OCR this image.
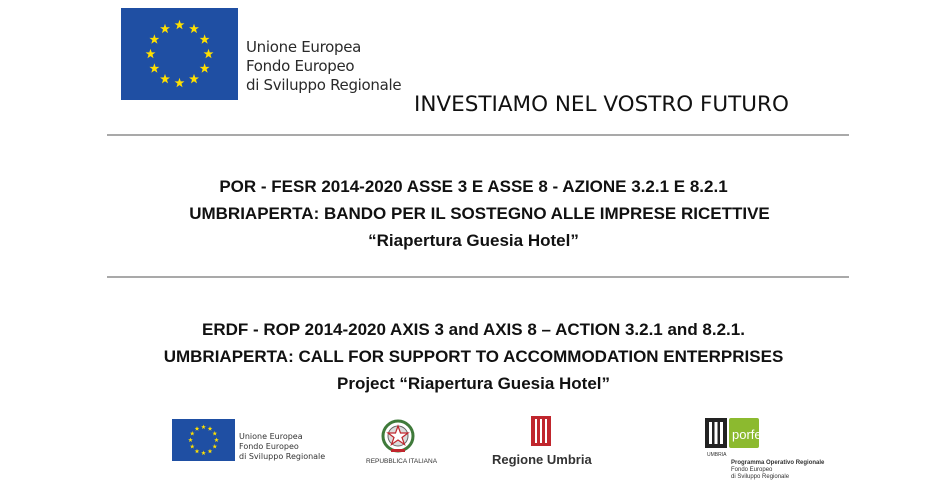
Unione Europea
Fondo Europeo
di Sviluppo Regionale
INVESTIAMO NEL VOSTRO FUTURO
POR - FESR 2014-2020 ASSE 3 E ASSE 8 - AZIONE 3.2.1 E 8.2.1
UMBRIAPERTA: BANDO PER IL SOSTEGNO ALLE IMPRESE RICETTIVE
“Riapertura Guesia Hotel”
ERDF - ROP 2014-2020 AXIS 3 and AXIS 8 – ACTION 3.2.1 and 8.2.1.
UMBRIAPERTA: CALL FOR SUPPORT TO ACCOMMODATION ENTERPRISES
Project “Riapertura Guesia Hotel”
Unione Europea
Fondo Europeo
di Sviluppo Regionale
REPUBBLICA ITALIANA	Regione Umbria
porfesr
UMBRIA
Programma Operativo Regionale
Fondo Europeo
di Sviluppo Regionale
